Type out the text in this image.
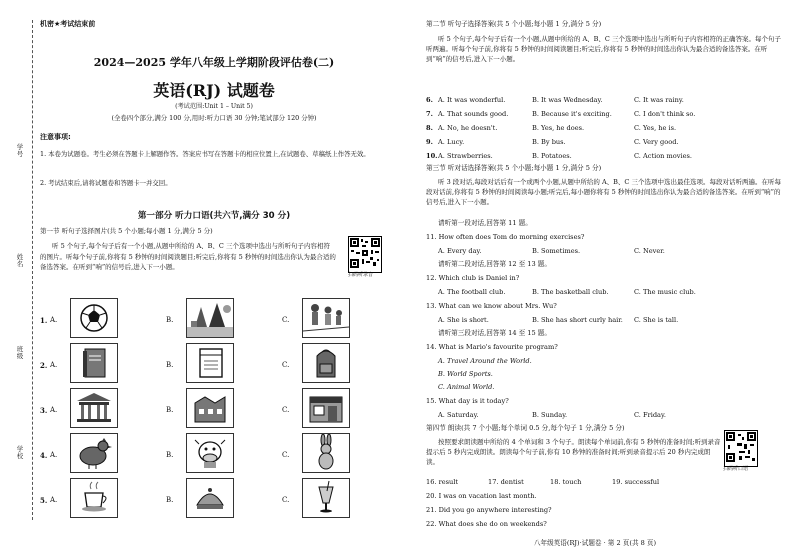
学号
姓名
班级
学校
机密★考试结束前
2024—2025 学年八年级上学期阶段评估卷(二)
英语(RJ) 试题卷
(考试范围:Unit 1 – Unit 5)
(全卷四个部分,满分 100 分,用时:听力口语 30 分钟;笔试部分 120 分钟)
注意事项:
1. 本卷为试题卷。考生必须在答题卡上解题作答。答案应书写在答题卡的相应位置上,在试题卷、草稿纸上作答无效。
2. 考试结束后,请将试题卷和答题卡一并交回。
第一部分 听力口语(共六节,满分 30 分)
第一节 听句子选择图片(共 5 个小题;每小题 1 分,满分 5 分)
听 5 个句子,每个句子后有一个小题,从题中所给的 A、B、C 三个选项中选出与所听句子内容相符的图片。听每个句子前,你将有 5 秒钟的时间阅读题目;听完后,你将有 5 秒钟的时间选出你认为最合适的备选答案。在听到“响”的信号后,进入下一小题。
扫码听录音
1. A.	B.	C.
2. A.	B.	C.
3. A.	B.	C.
4. A.	B.	C.
5. A.	B.	C.
第二节 听句子选择答案(共 5 个小题;每小题 1 分,满分 5 分)
听 5 个句子,每个句子后有一个小题,从题中所给的 A、B、C 三个选项中选出与所听句子内容相符的正确答案。每个句子听两遍。听每个句子前,你将有 5 秒钟的时间阅读题目;听完后,你将有 5 秒钟的时间选出你认为最合适的备选答案。在听到“响”的信号后,进入下一小题。
6. A. It was wonderful.	B. It was Wednesday.	C. It was rainy.
7. A. That sounds good.	B. Because it's exciting.	C. I don't think so.
8. A. No, he doesn't.	B. Yes, he does.	C. Yes, he is.
9. A. Lucy.	B. By bus.	C. Very good.
10. A. Strawberries.	B. Potatoes.	C. Action movies.
第三节 听对话选择答案(共 5 个小题;每小题 1 分,满分 5 分)
听 3 段对话,每段对话后有一个或两个小题,从题中所给的 A、B、C 三个选项中选出最佳选项。每段对话听两遍。在听每段对话前,你将有 5 秒钟的时间阅读每小题;听完后,每小题你将有 5 秒钟的时间选出你认为最合适的备选答案。在听到“响”的信号后,进入下一小题。
请听第一段对话,回答第 11 题。
11. How often does Tom do morning exercises?
A. Every day.	B. Sometimes.	C. Never.
请听第二段对话,回答第 12 至 13 题。
12. Which club is Daniel in?
A. The football club.	B. The basketball club.	C. The music club.
13. What can we know about Mrs. Wu?
A. She is short.	B. She has short curly hair. C. She is tall.
请听第三段对话,回答第 14 至 15 题。
14. What is Mario's favourite program?
A. Travel Around the World.
B. World Sports.
C. Animal World.
15. What day is it today?
A. Saturday.	B. Sunday.	C. Friday.
第四节 朗读(共 7 个小题;每个单词 0.5 分,每个句子 1 分,满分 5 分)
按照要求朗读题中所给的 4 个单词和 3 个句子。朗读每个单词前,你有 5 秒钟的准备时间;听到录音提示后 5 秒内完成朗读。朗读每个句子前,你有 10 秒钟的准备时间;听到录音提示后 20 秒内完成朗读。
扫码听口语
16. result	17. dentist	18. touch	19. successful
20. I was on vacation last month.
21. Did you go anywhere interesting?
22. What does she do on weekends?
八年级英语(RJ)·试题卷 · 第 2 页(共 8 页)
